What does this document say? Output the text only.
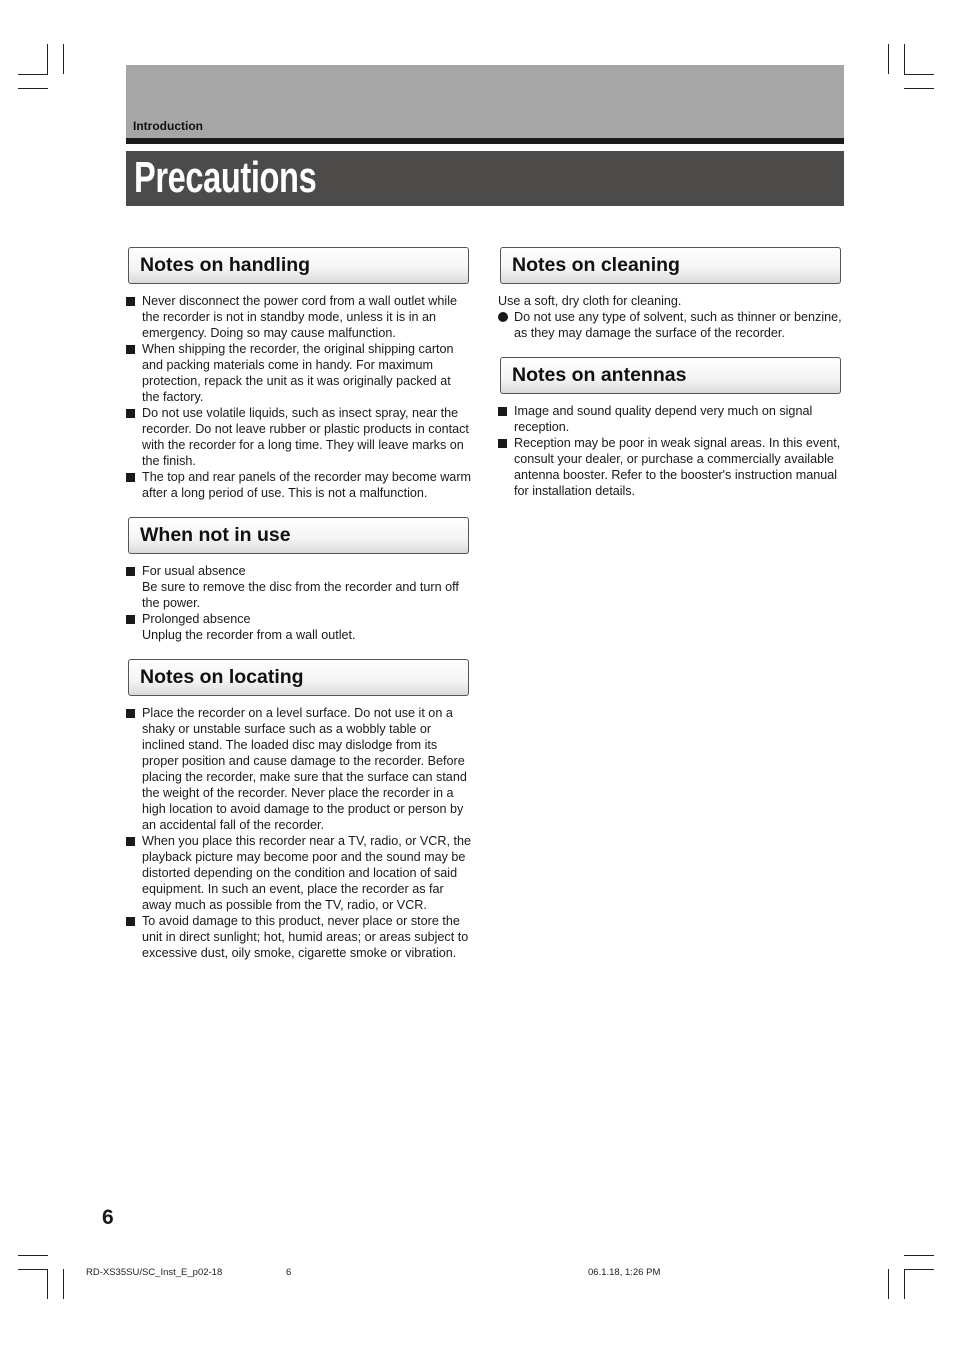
Introduction
Precautions
Notes on handling
Never disconnect the power cord from a wall outlet while the recorder is not in standby mode, unless it is in an emergency. Doing so may cause malfunction.
When shipping the recorder, the original shipping carton and packing materials come in handy. For maximum protection, repack the unit as it was originally packed at the factory.
Do not use volatile liquids, such as insect spray, near the recorder. Do not leave rubber or plastic products in contact with the recorder for a long time. They will leave marks on the finish.
The top and rear panels of the recorder may become warm after a long period of use. This is not a malfunction.
When not in use
For usual absence
Be sure to remove the disc from the recorder and turn off the power.
Prolonged absence
Unplug the recorder from a wall outlet.
Notes on locating
Place the recorder on a level surface. Do not use it on a shaky or unstable surface such as a wobbly table or inclined stand. The loaded disc may dislodge from its proper position and cause damage to the recorder. Before placing the recorder, make sure that the surface can stand the weight of the recorder. Never place the recorder in a high location to avoid damage to the product or person by an accidental fall of the recorder.
When you place this recorder near a TV, radio, or VCR, the playback picture may become poor and the sound may be distorted depending on the condition and location of said equipment. In such an event, place the recorder as far away much as possible from the TV, radio, or VCR.
To avoid damage to this product, never place or store the unit in direct sunlight; hot, humid areas; or areas subject to excessive dust, oily smoke, cigarette smoke or vibration.
Notes on cleaning
Use a soft, dry cloth for cleaning.
Do not use any type of solvent, such as thinner or benzine, as they may damage the surface of the recorder.
Notes on antennas
Image and sound quality depend very much on signal reception.
Reception may be poor in weak signal areas. In this event, consult your dealer, or purchase a commercially available antenna booster. Refer to the booster's instruction manual for installation details.
6
RD-XS35SU/SC_Inst_E_p02-18	6	06.1.18, 1:26 PM
